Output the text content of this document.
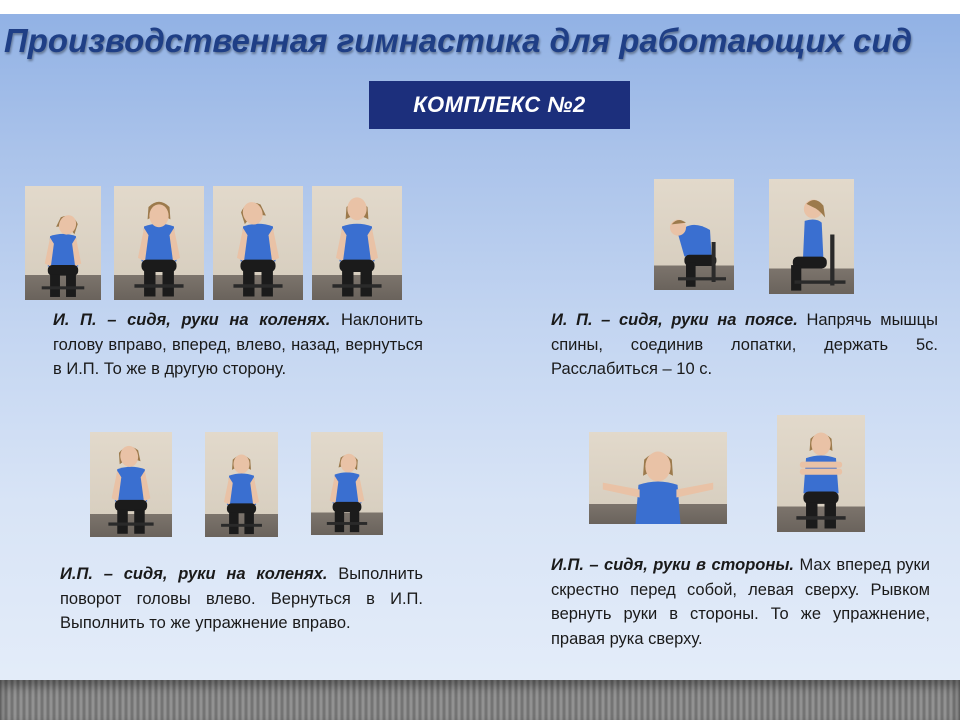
Производственная гимнастика для работающих сид
КОМПЛЕКС №2

И. П. – сидя, руки на коленях. Наклонить голову вправо, вперед, влево, назад, вернуться в И.П. То же в другую сторону.

И. П. – сидя, руки на поясе. Напрячь мышцы спины, соединив лопатки, держать 5с. Расслабиться – 10 с.

И.П. – сидя, руки на коленях. Выполнить поворот головы влево. Вернуться в И.П. Выполнить то же упражнение вправо.

И.П. – сидя, руки в стороны. Мах вперед руки скрестно перед собой, левая сверху. Рывком вернуть руки в стороны. То же упражнение, правая рука сверху.
